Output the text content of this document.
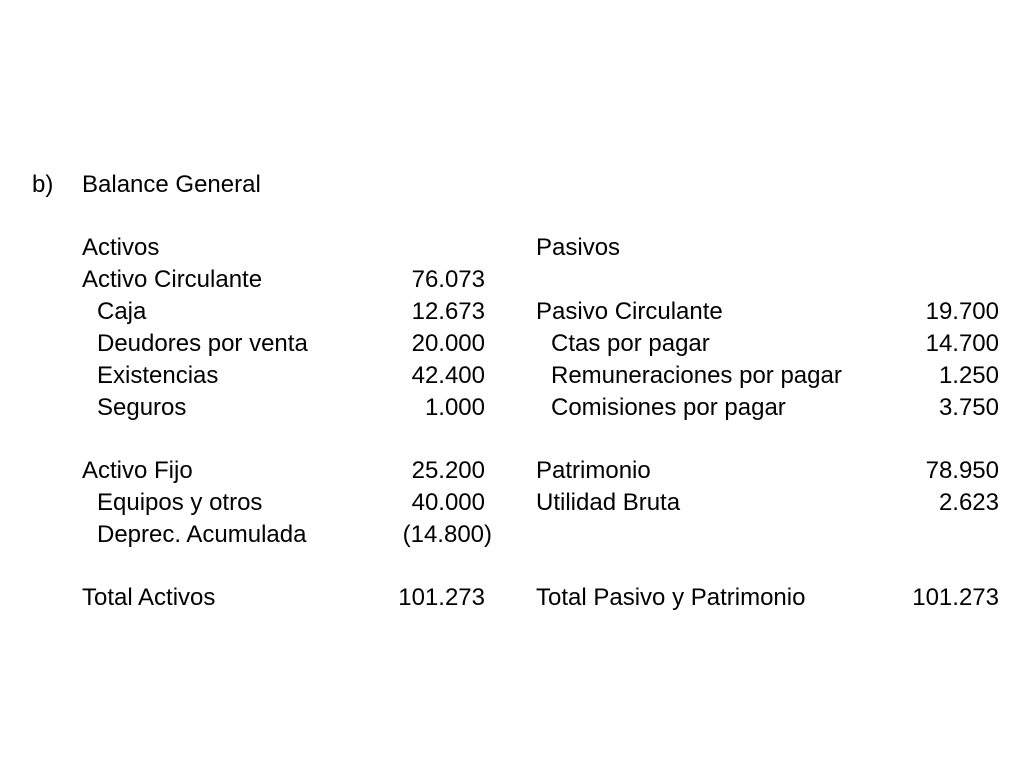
b) Balance General
Activos
Activo Circulante	76.073
Caja	12.673
Deudores por venta	20.000
Existencias	42.400
Seguros	1.000
Activo Fijo	25.200
Equipos y otros	40.000
Deprec. Acumulada	(14.800)
Total Activos	101.273
Pasivos
Pasivo Circulante	19.700
Ctas por pagar	14.700
Remuneraciones por pagar	1.250
Comisiones por pagar	3.750
Patrimonio	78.950
Utilidad Bruta	2.623
Total Pasivo y Patrimonio	101.273
